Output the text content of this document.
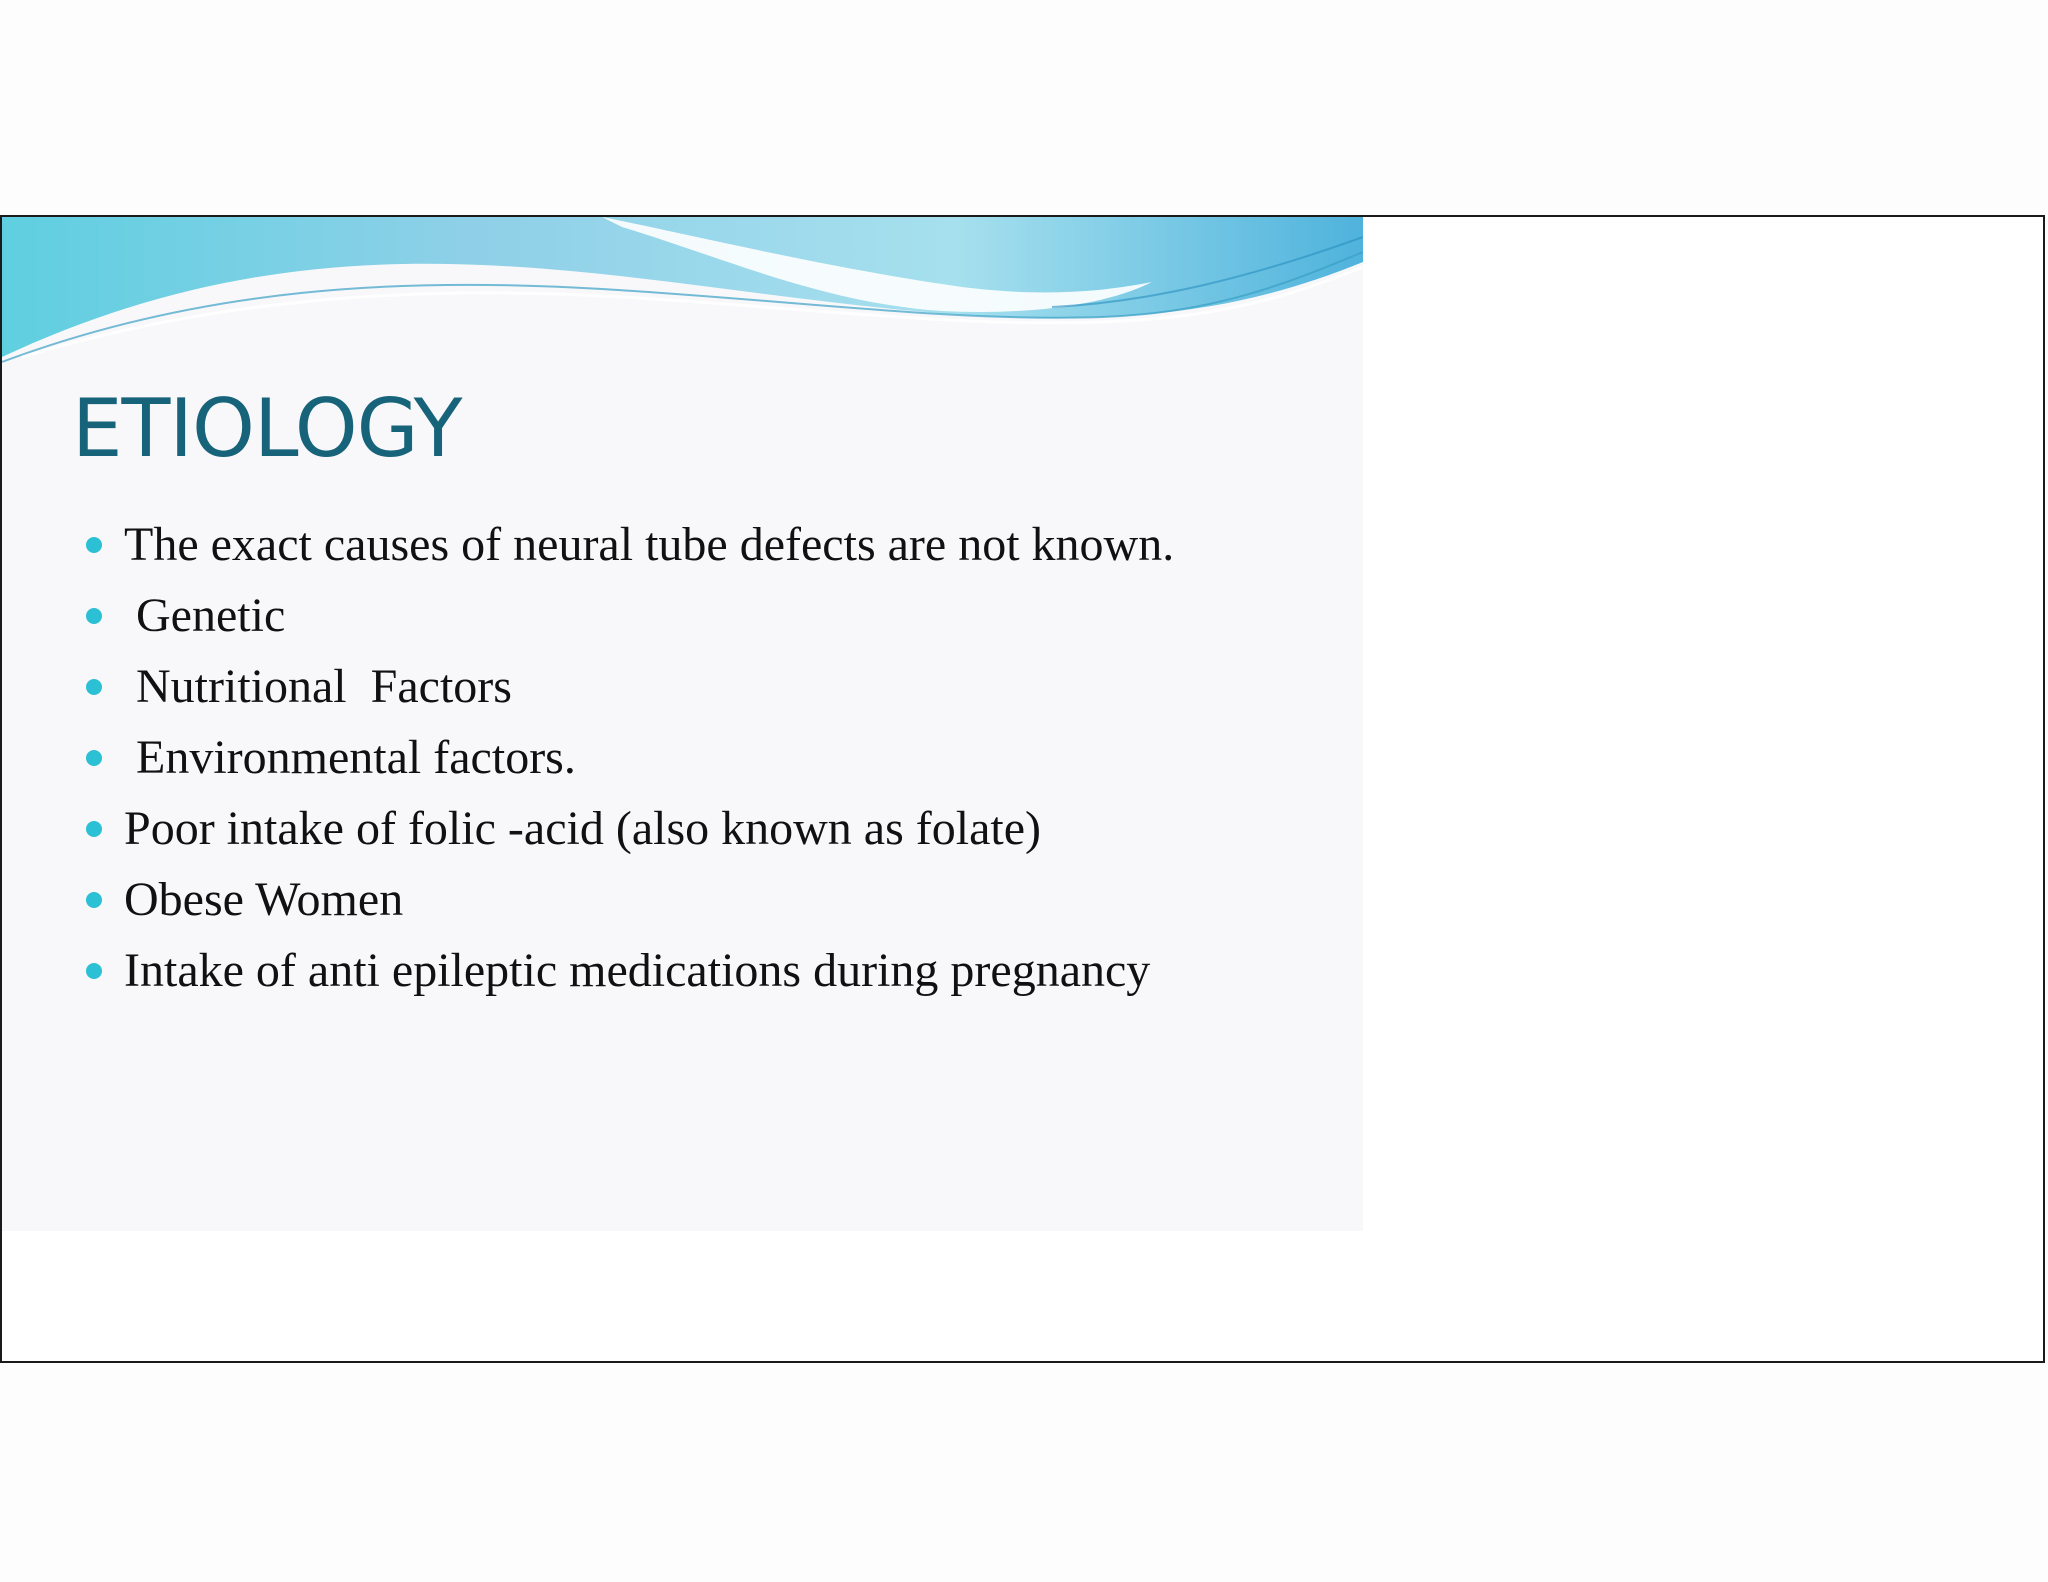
ETIOLOGY
The exact causes of neural tube defects are not known.
Genetic
Nutritional  Factors
Environmental factors.
Poor intake of folic -acid (also known as folate)
Obese Women
Intake of anti epileptic medications during pregnancy
